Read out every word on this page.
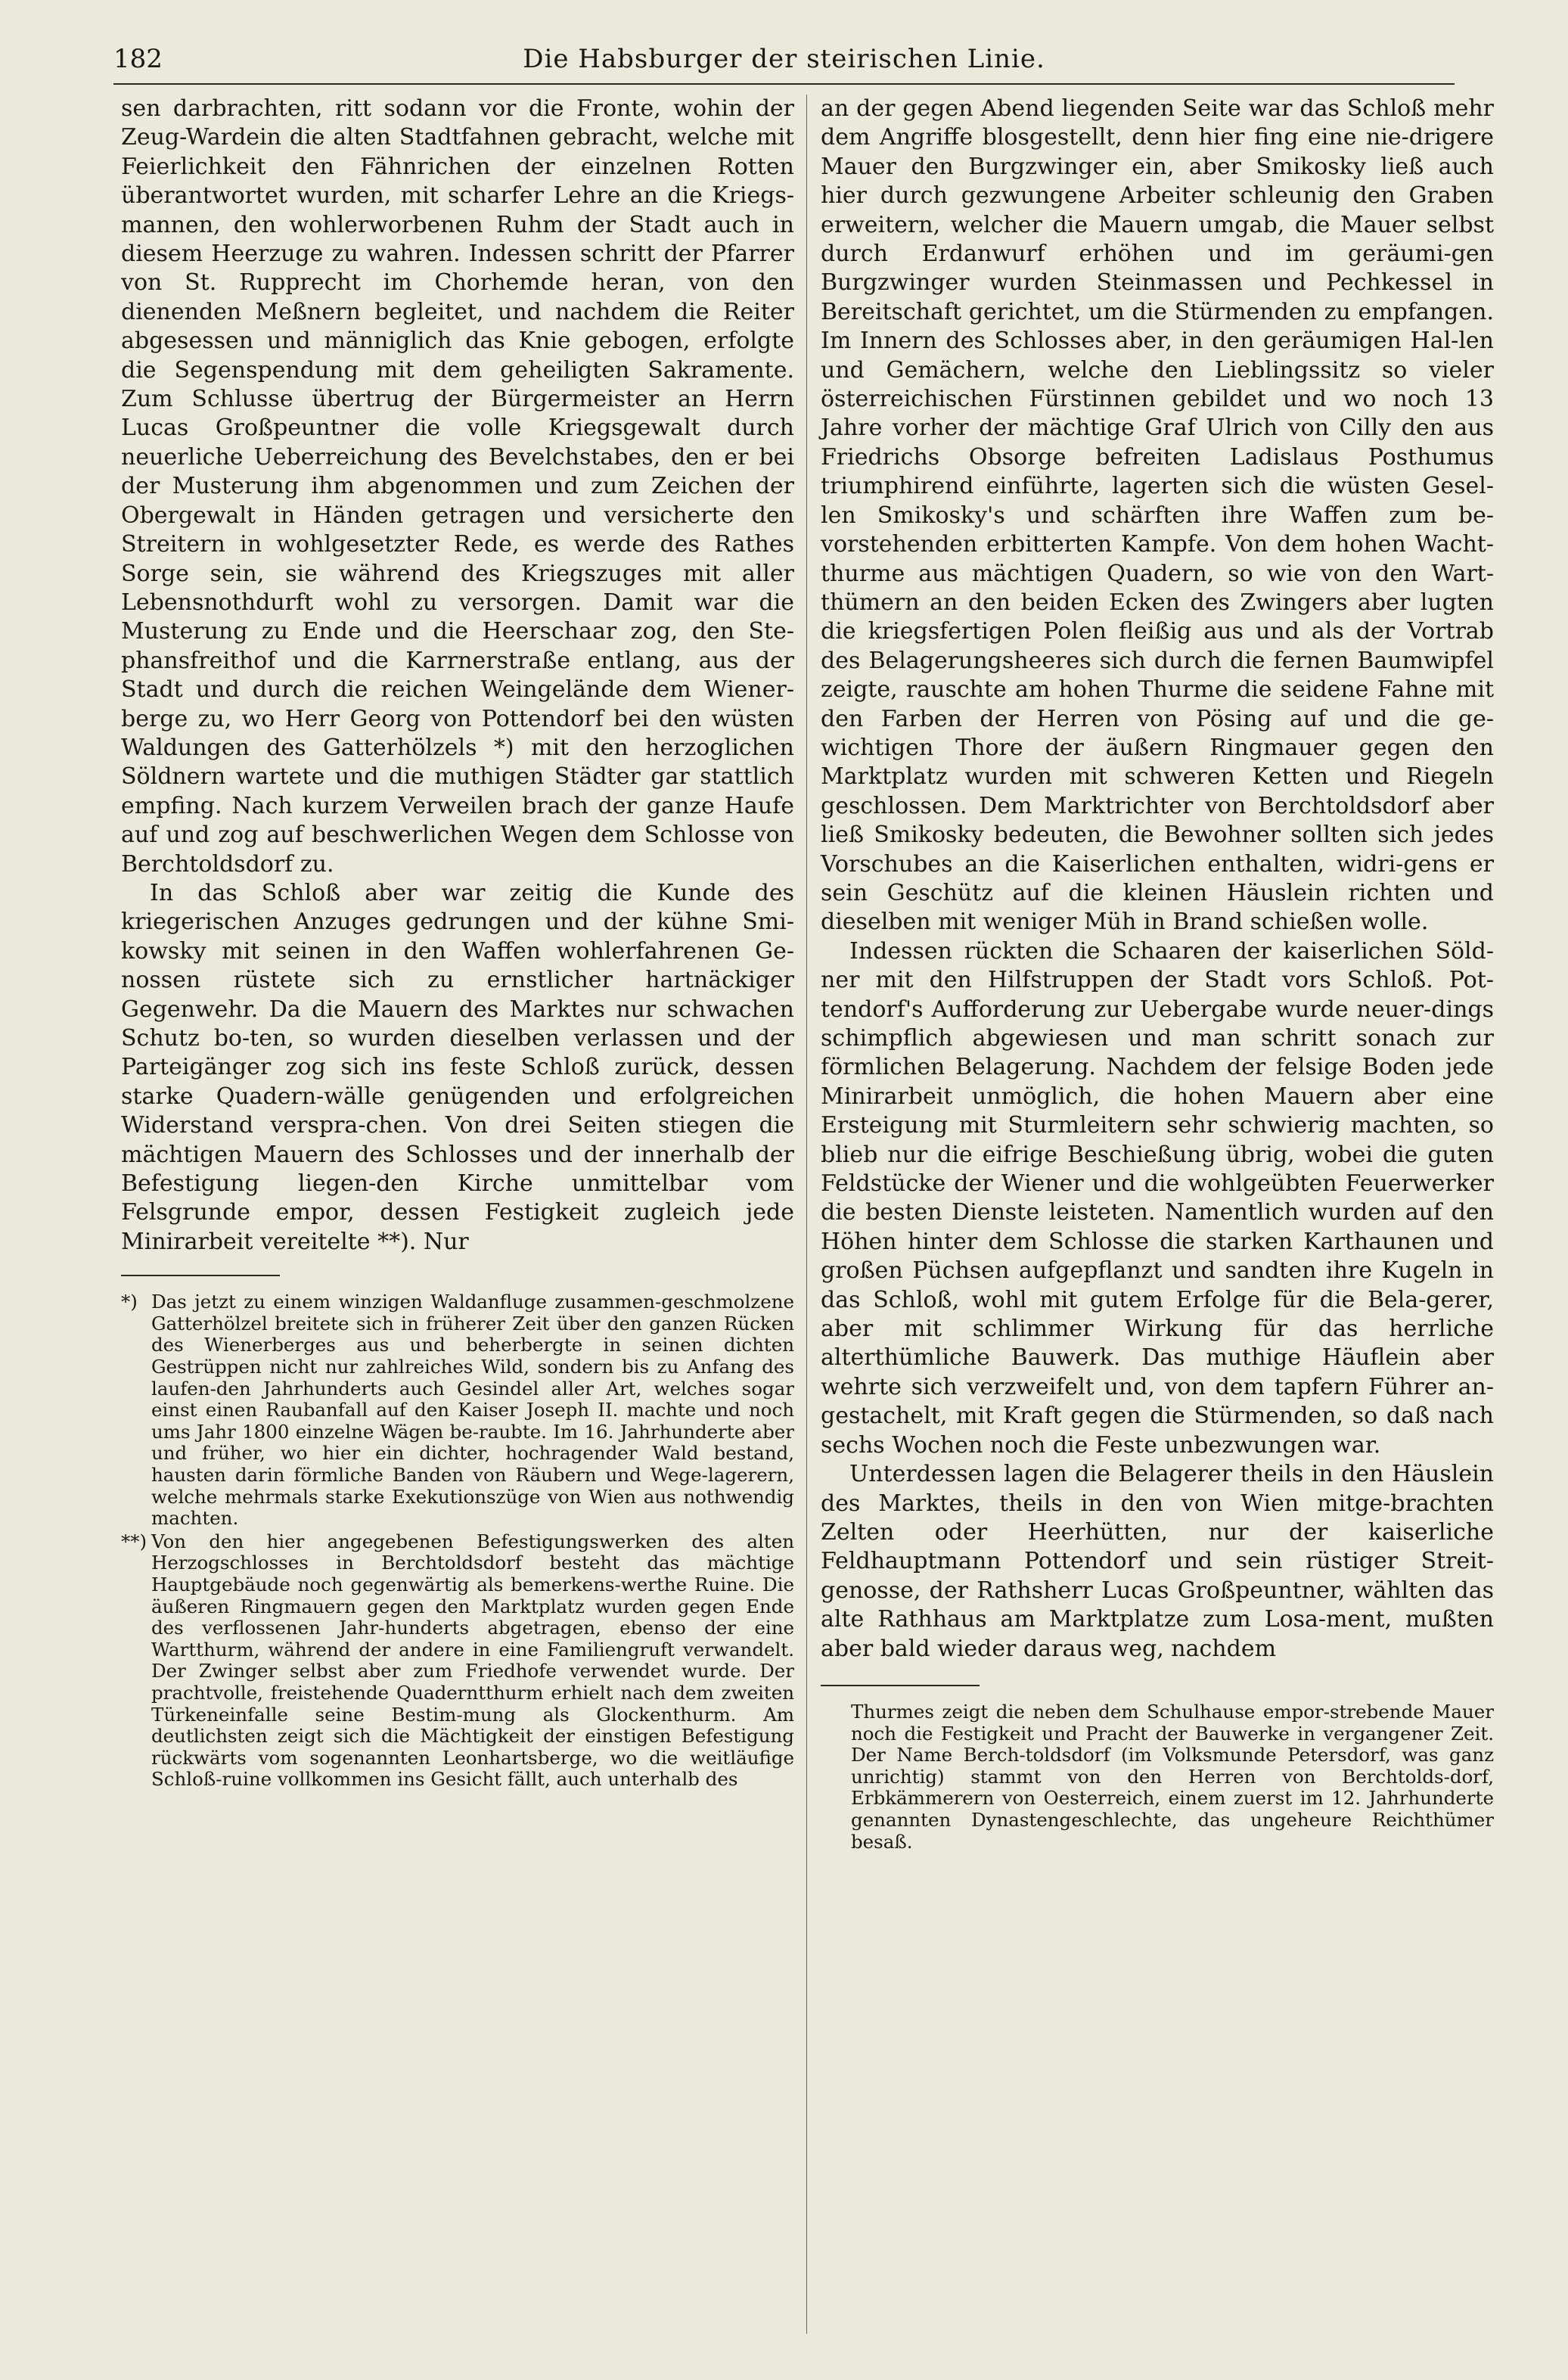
182	Die Habsburger der steirischen Linie.

sen darbrachten, ritt sodann vor die Fronte, wohin der Zeug-Wardein die alten Stadtfahnen gebracht, welche mit Feierlichkeit den Fähnrichen der einzelnen Rotten überantwortet wurden, mit scharfer Lehre an die Kriegs-mannen, den wohlerworbenen Ruhm der Stadt auch in diesem Heerzuge zu wahren. Indessen schritt der Pfarrer von St. Rupprecht im Chorhemde heran, von den dienenden Meßnern begleitet, und nachdem die Reiter abgesessen und männiglich das Knie gebogen, erfolgte die Segenspendung mit dem geheiligten Sakramente. Zum Schlusse übertrug der Bürgermeister an Herrn Lucas Großpeuntner die volle Kriegsgewalt durch neuerliche Ueberreichung des Bevelchstabes, den er bei der Musterung ihm abgenommen und zum Zeichen der Obergewalt in Händen getragen und versicherte den Streitern in wohlgesetzter Rede, es werde des Rathes Sorge sein, sie während des Kriegszuges mit aller Lebensnothdurft wohl zu versorgen. Damit war die Musterung zu Ende und die Heerschaar zog, den Ste-phansfreithof und die Karrnerstraße entlang, aus der Stadt und durch die reichen Weingelände dem Wiener-berge zu, wo Herr Georg von Pottendorf bei den wüsten Waldungen des Gatterhölzels *) mit den herzoglichen Söldnern wartete und die muthigen Städter gar stattlich empfing. Nach kurzem Verweilen brach der ganze Haufe auf und zog auf beschwerlichen Wegen dem Schlosse von Berchtoldsdorf zu.

In das Schloß aber war zeitig die Kunde des kriegerischen Anzuges gedrungen und der kühne Smi-kowsky mit seinen in den Waffen wohlerfahrenen Ge-nossen rüstete sich zu ernstlicher hartnäckiger Gegenwehr. Da die Mauern des Marktes nur schwachen Schutz bo-ten, so wurden dieselben verlassen und der Parteigänger zog sich ins feste Schloß zurück, dessen starke Quadern-wälle genügenden und erfolgreichen Widerstand verspra-chen. Von drei Seiten stiegen die mächtigen Mauern des Schlosses und der innerhalb der Befestigung liegen-den Kirche unmittelbar vom Felsgrunde empor, dessen Festigkeit zugleich jede Minirarbeit vereitelte **). Nur

*) Das jetzt zu einem winzigen Waldanfluge zusammen-geschmolzene Gatterhölzel breitete sich in früherer Zeit über den ganzen Rücken des Wienerberges aus und beherbergte in seinen dichten Gestrüppen nicht nur zahlreiches Wild, sondern bis zu Anfang des laufen-den Jahrhunderts auch Gesindel aller Art, welches sogar einst einen Raubanfall auf den Kaiser Joseph II. machte und noch ums Jahr 1800 einzelne Wägen be-raubte. Im 16. Jahrhunderte aber und früher, wo hier ein dichter, hochragender Wald bestand, hausten darin förmliche Banden von Räubern und Wege-lagerern, welche mehrmals starke Exekutionszüge von Wien aus nothwendig machten.

**) Von den hier angegebenen Befestigungswerken des alten Herzogschlosses in Berchtoldsdorf besteht das mächtige Hauptgebäude noch gegenwärtig als bemerkens-werthe Ruine. Die äußeren Ringmauern gegen den Marktplatz wurden gegen Ende des verflossenen Jahr-hunderts abgetragen, ebenso der eine Wartthurm, während der andere in eine Familiengruft verwandelt. Der Zwinger selbst aber zum Friedhofe verwendet wurde. Der prachtvolle, freistehende Quaderntthurm erhielt nach dem zweiten Türkeneinfalle seine Bestim-mung als Glockenthurm. Am deutlichsten zeigt sich die Mächtigkeit der einstigen Befestigung rückwärts vom sogenannten Leonhartsberge, wo die weitläufige Schloß-ruine vollkommen ins Gesicht fällt, auch unterhalb des

an der gegen Abend liegenden Seite war das Schloß mehr dem Angriffe blosgestellt, denn hier fing eine nie-drigere Mauer den Burgzwinger ein, aber Smikosky ließ auch hier durch gezwungene Arbeiter schleunig den Graben erweitern, welcher die Mauern umgab, die Mauer selbst durch Erdanwurf erhöhen und im geräumi-gen Burgzwinger wurden Steinmassen und Pechkessel in Bereitschaft gerichtet, um die Stürmenden zu empfangen. Im Innern des Schlosses aber, in den geräumigen Hal-len und Gemächern, welche den Lieblingssitz so vieler österreichischen Fürstinnen gebildet und wo noch 13 Jahre vorher der mächtige Graf Ulrich von Cilly den aus Friedrichs Obsorge befreiten Ladislaus Posthumus triumphirend einführte, lagerten sich die wüsten Gesel-len Smikosky's und schärften ihre Waffen zum be-vorstehenden erbitterten Kampfe. Von dem hohen Wacht-thurme aus mächtigen Quadern, so wie von den Wart-thümern an den beiden Ecken des Zwingers aber lugten die kriegsfertigen Polen fleißig aus und als der Vortrab des Belagerungsheeres sich durch die fernen Baumwipfel zeigte, rauschte am hohen Thurme die seidene Fahne mit den Farben der Herren von Pösing auf und die ge-wichtigen Thore der äußern Ringmauer gegen den Marktplatz wurden mit schweren Ketten und Riegeln geschlossen. Dem Marktrichter von Berchtoldsdorf aber ließ Smikosky bedeuten, die Bewohner sollten sich jedes Vorschubes an die Kaiserlichen enthalten, widri-gens er sein Geschütz auf die kleinen Häuslein richten und dieselben mit weniger Müh in Brand schießen wolle.

Indessen rückten die Schaaren der kaiserlichen Söld-ner mit den Hilfstruppen der Stadt vors Schloß. Pot-tendorf's Aufforderung zur Uebergabe wurde neuer-dings schimpflich abgewiesen und man schritt sonach zur förmlichen Belagerung. Nachdem der felsige Boden jede Minirarbeit unmöglich, die hohen Mauern aber eine Ersteigung mit Sturmleitern sehr schwierig machten, so blieb nur die eifrige Beschießung übrig, wobei die guten Feldstücke der Wiener und die wohlgeübten Feuerwerker die besten Dienste leisteten. Namentlich wurden auf den Höhen hinter dem Schlosse die starken Karthaunen und großen Püchsen aufgepflanzt und sandten ihre Kugeln in das Schloß, wohl mit gutem Erfolge für die Bela-gerer, aber mit schlimmer Wirkung für das herrliche alterthümliche Bauwerk. Das muthige Häuflein aber wehrte sich verzweifelt und, von dem tapfern Führer an-gestachelt, mit Kraft gegen die Stürmenden, so daß nach sechs Wochen noch die Feste unbezwungen war.

Unterdessen lagen die Belagerer theils in den Häuslein des Marktes, theils in den von Wien mitge-brachten Zelten oder Heerhütten, nur der kaiserliche Feldhauptmann Pottendorf und sein rüstiger Streit-genosse, der Rathsherr Lucas Großpeuntner, wählten das alte Rathhaus am Marktplatze zum Losa-ment, mußten aber bald wieder daraus weg, nachdem

Thurmes zeigt die neben dem Schulhause empor-strebende Mauer noch die Festigkeit und Pracht der Bauwerke in vergangener Zeit. Der Name Berch-toldsdorf (im Volksmunde Petersdorf, was ganz unrichtig) stammt von den Herren von Berchtolds-dorf, Erbkämmerern von Oesterreich, einem zuerst im 12. Jahrhunderte genannten Dynastengeschlechte, das ungeheure Reichthümer besaß.
